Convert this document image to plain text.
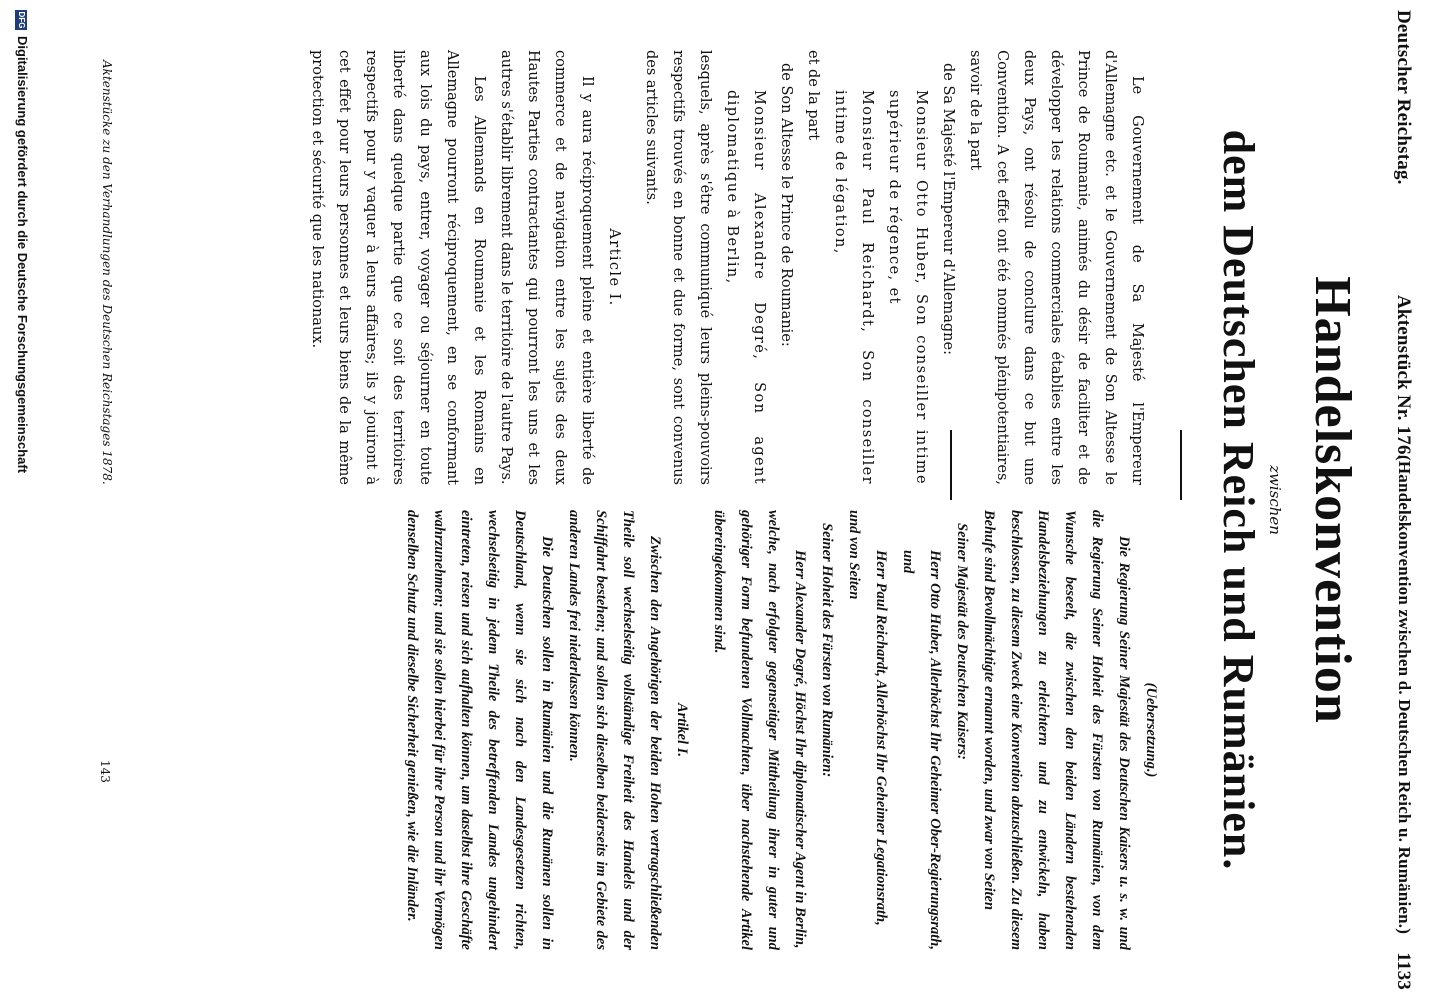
Deutscher Reichstag.
Aktenstück Nr. 176.
(Handelskonvention zwischen d. Deutschen Reich u. Rumänien.)
1133
Handelskonvention
zwischen
dem Deutschen Reich und Rumänien.

Le Gouvernement de Sa Majesté l'Empereur d'Allemagne etc. et le Gouvernement de Son Altesse le Prince de Roumanie, animés du désir de faciliter et de développer les relations commerciales établies entre les deux Pays, ont résolu de conclure dans ce but une Convention. A cet effet ont été nommés plénipotentiaires, savoir de la part

de Sa Majesté l'Empereur d'Allemagne:

Monsieur Otto Huber, Son conseiller intime supérieur de régence, et

Monsieur Paul Reichardt, Son conseiller intime de légation,

et de la part

de Son Altesse le Prince de Roumanie:

Monsieur Alexandre Degré, Son agent diplomatique à Berlin,

lesquels, après s'être communiqué leurs pleins-pouvoirs respectifs trouvés en bonne et due forme, sont convenus des articles suivants.

Article I.

Il y aura réciproquement pleine et entière liberté de commerce et de navigation entre les sujets des deux Hautes Parties contractantes qui pourront les uns et les autres s'établir librement dans le territoire de l'autre Pays.

Les Allemands en Roumanie et les Romains en Allemagne pourront réciproquement, en se conformant aux lois du pays, entrer, voyager ou séjourner en toute liberté dans quelque partie que ce soit des territoires respectifs pour y vaquer à leurs affaires; ils y jouiront à cet effet pour leurs personnes et leurs biens de la même protection et sécurité que les nationaux.

(Uebersetzung.)

Die Regierung Seiner Majestät des Deutschen Kaisers u. s. w. und die Regierung Seiner Hoheit des Fürsten von Rumänien, von dem Wunsche beseelt, die zwischen den beiden Ländern bestehenden Handelsbeziehungen zu erleichtern und zu entwickeln, haben beschlossen, zu diesem Zweck eine Konvention abzuschließen. Zu diesem Behufe sind Bevollmächtigte ernannt worden, und zwar von Seiten

Seiner Majestät des Deutschen Kaisers:

Herr Otto Huber, Allerhöchst Ihr Geheimer Ober-Regierungsrath, und

Herr Paul Reichardt, Allerhöchst Ihr Geheimer Legationsrath,

und von Seiten

Seiner Hoheit des Fürsten von Rumänien:

Herr Alexander Degré, Höchst Ihr diplomatischer Agent in Berlin,

welche, nach erfolgter gegenseitiger Mittheilung ihrer in guter und gehöriger Form befundenen Vollmachten, über nachstehende Artikel übereingekommen sind.

Artikel I.

Zwischen den Angehörigen der beiden Hohen vertragschließenden Theile soll wechselseitig vollständige Freiheit des Handels und der Schiffahrt bestehen; und sollen sich dieselben beiderseits im Gebiete des anderen Landes frei niederlassen können.

Die Deutschen sollen in Rumänien und die Rumänen sollen in Deutschland, wenn sie sich nach den Landesgesetzen richten, wechselseitig in jedem Theile des betreffenden Landes ungehindert eintreten, reisen und sich aufhalten können, um daselbst ihre Geschäfte wahrzunehmen; und sie sollen hierbei für ihre Person und ihr Vermögen denselben Schutz und dieselbe Sicherheit genießen, wie die Inländer.

Aktenstücke zu den Verhandlungen des Deutschen Reichstages 1878.
143
DFGDigitalisierung gefördert durch die Deutsche Forschungsgemeinschaft
